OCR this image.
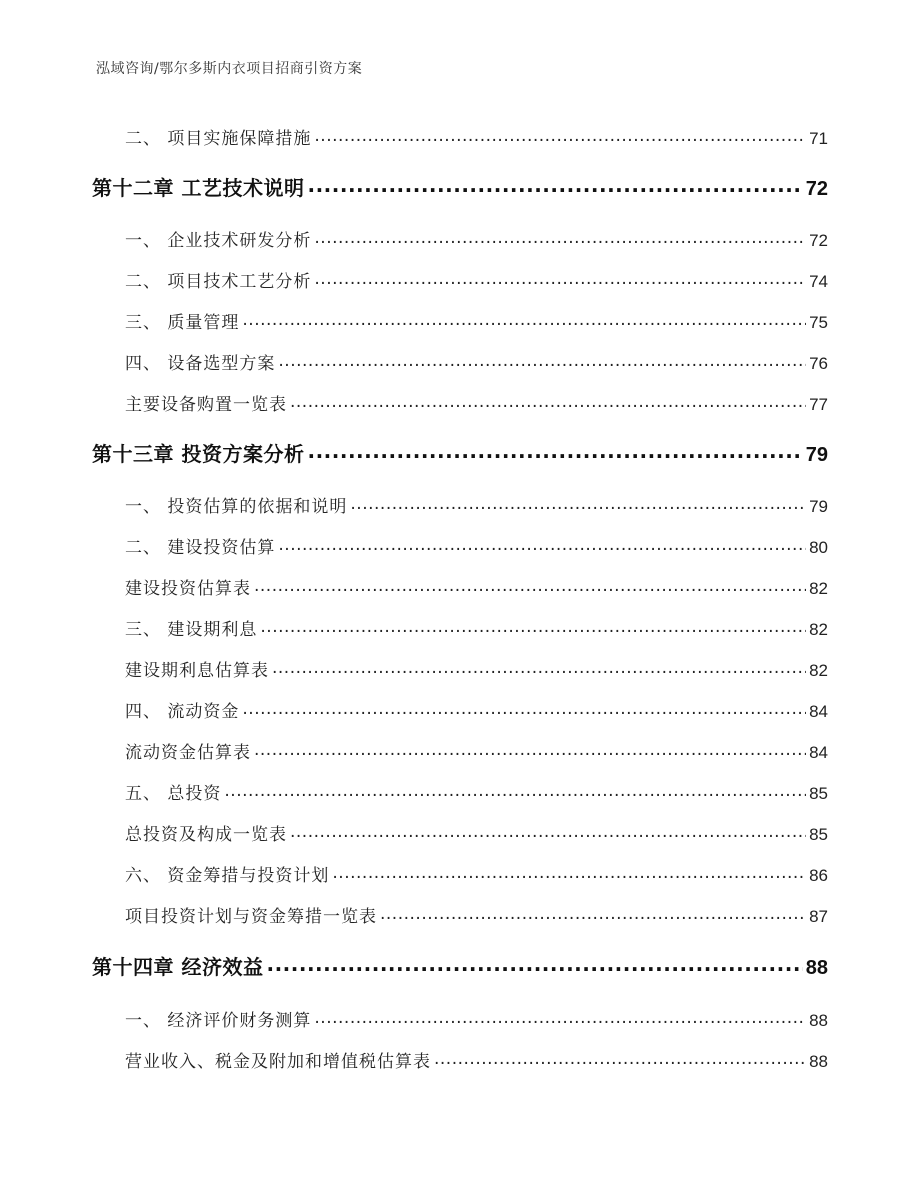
泓域咨询/鄂尔多斯内衣项目招商引资方案
二、 项目实施保障措施 .....	71
第十二章 工艺技术说明 .....	72
一、 企业技术研发分析 .....	72
二、 项目技术工艺分析 .....	74
三、 质量管理 .....	75
四、 设备选型方案 .....	76
主要设备购置一览表 .....	77
第十三章 投资方案分析 .....	79
一、 投资估算的依据和说明 .....	79
二、 建设投资估算 .....	80
建设投资估算表 .....	82
三、 建设期利息 .....	82
建设期利息估算表 .....	82
四、 流动资金 .....	84
流动资金估算表 .....	84
五、 总投资 .....	85
总投资及构成一览表 .....	85
六、 资金筹措与投资计划 .....	86
项目投资计划与资金筹措一览表 .....	87
第十四章 经济效益 .....	88
一、 经济评价财务测算 .....	88
营业收入、税金及附加和增值税估算表 .....	88
